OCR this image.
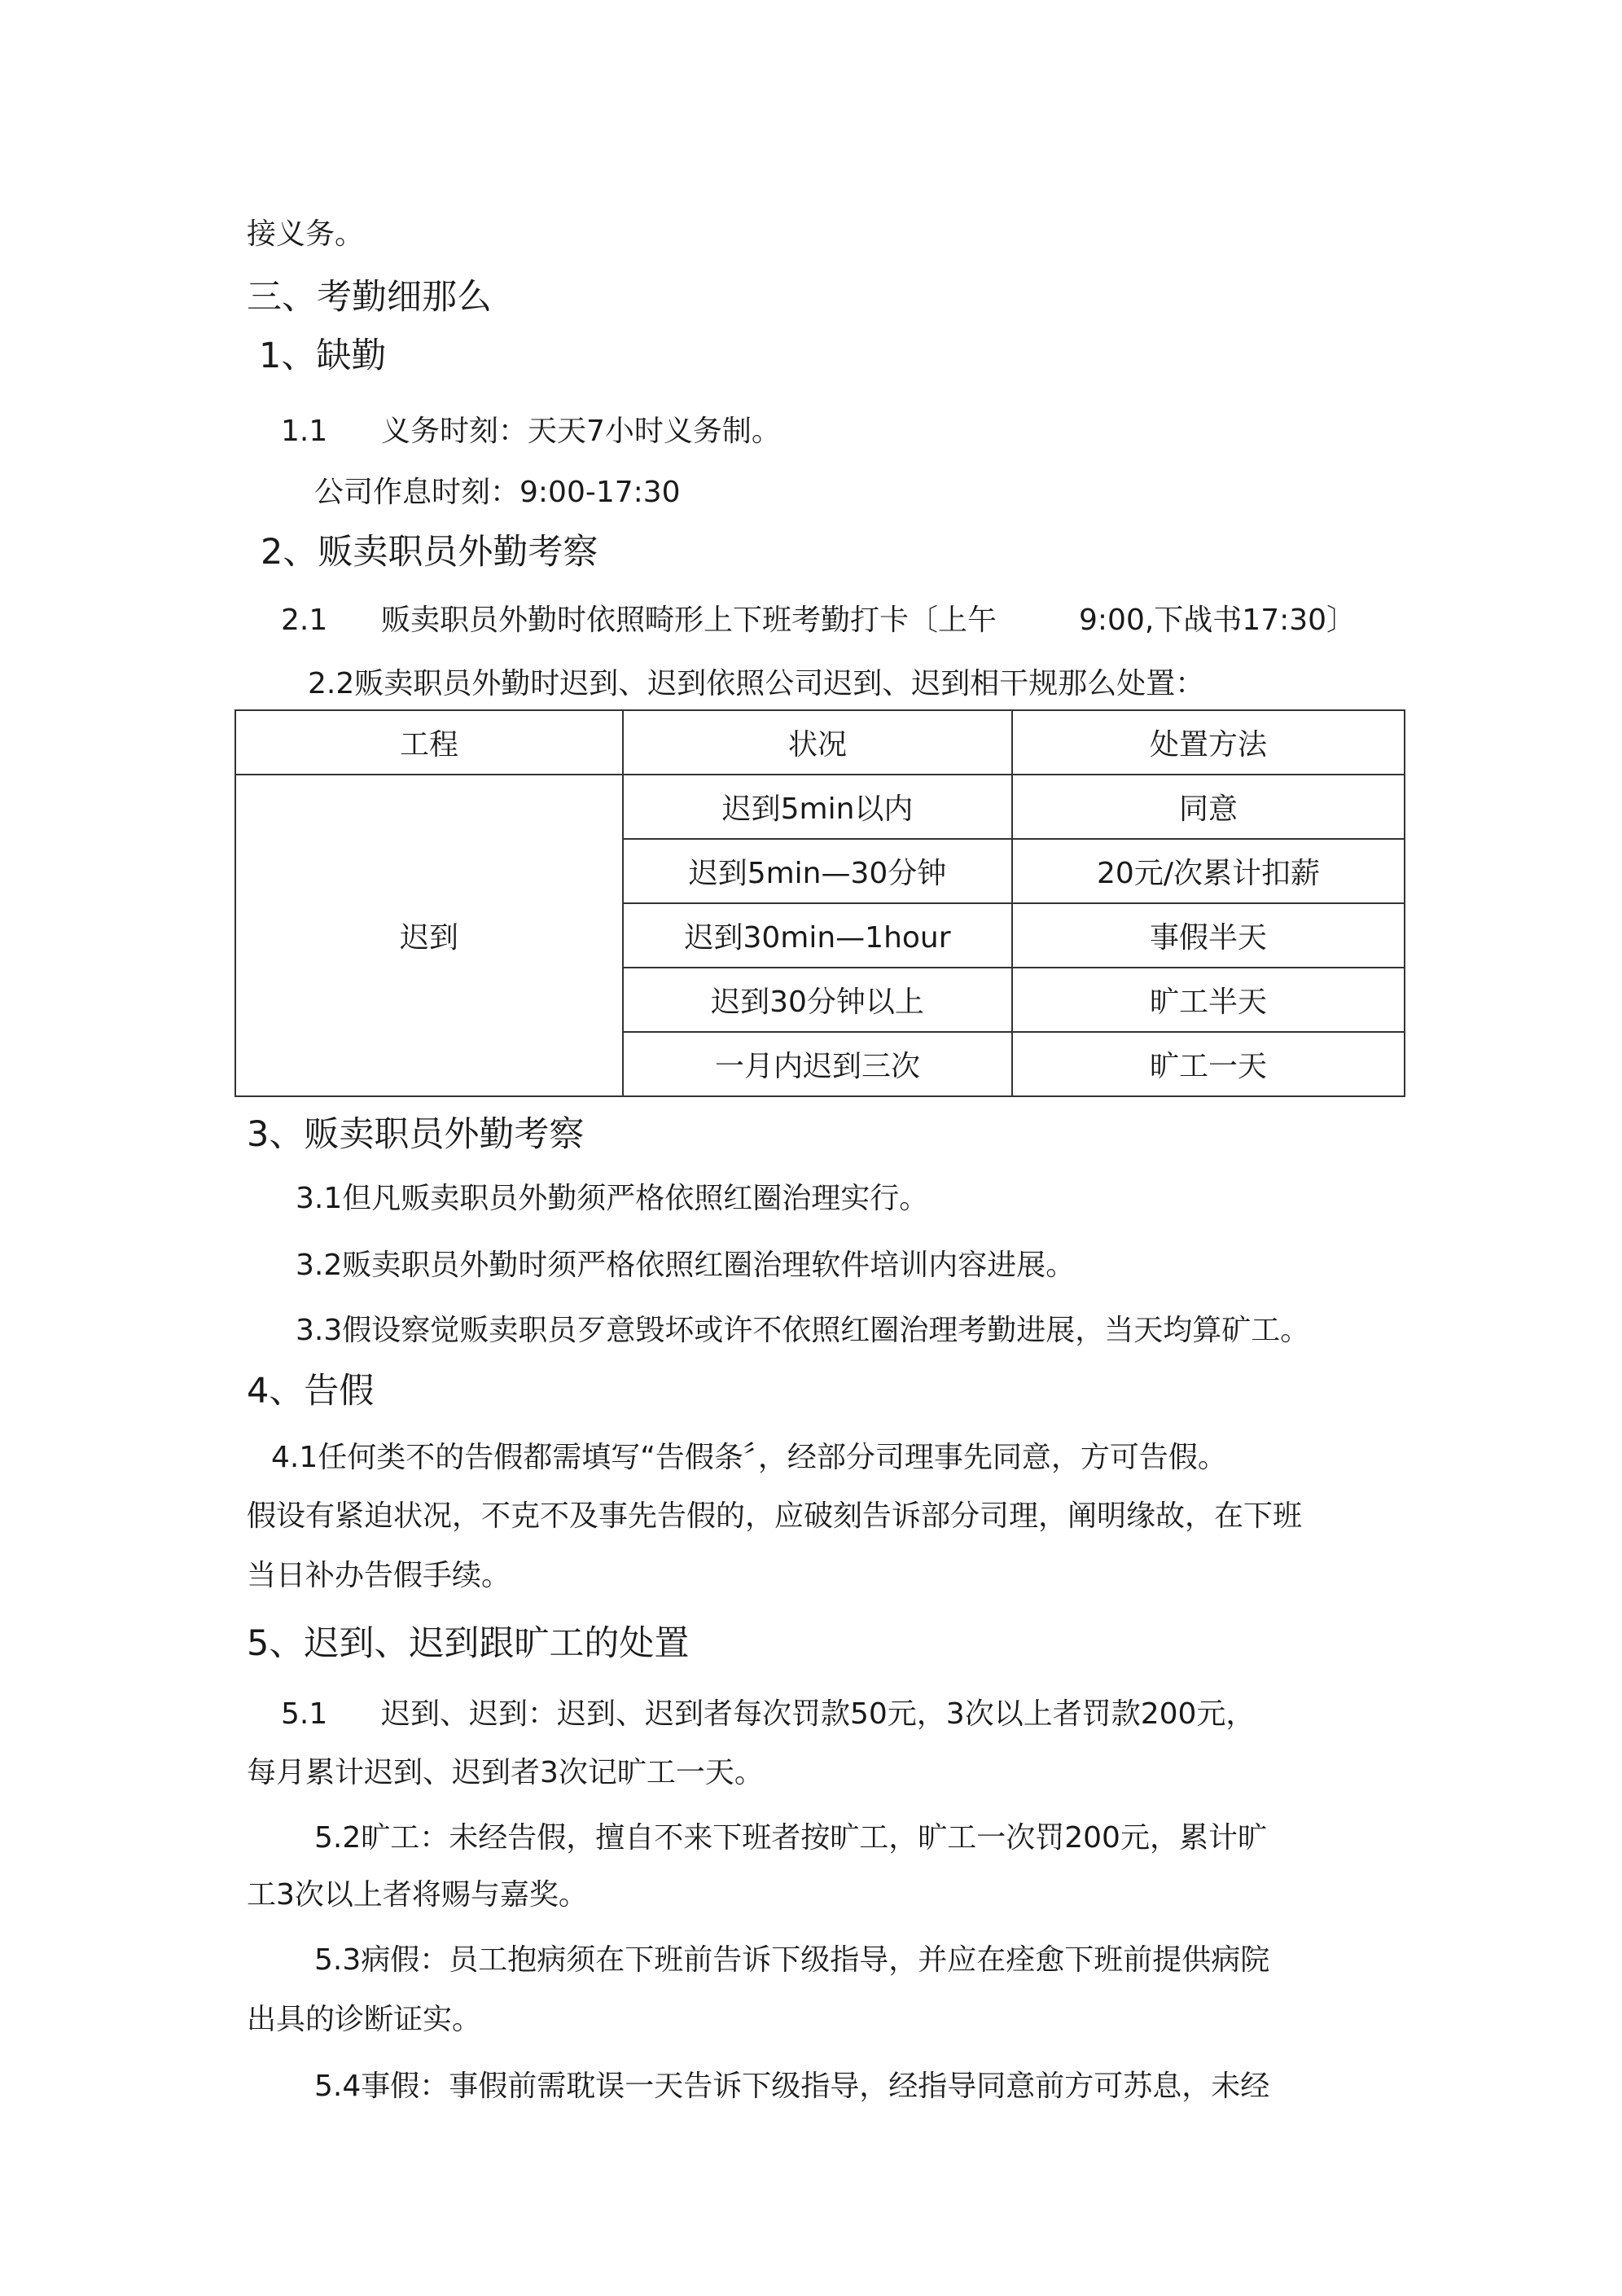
接义务。
三、考勤细那么
1、缺勤
1.1 义务时刻：天天7小时义务制。
公司作息时刻：9:00-17:30
2、贩卖职员外勤考察
2.1 贩卖职员外勤时依照畸形上下班考勤打卡〔上午	9:00,下战书17:30〕
2.2贩卖职员外勤时迟到、迟到依照公司迟到、迟到相干规那么处置：
工程	状况	处置方法
迟到	迟到5min以内	同意
	迟到5min—30分钟	20元/次累计扣薪
	迟到30min—1hour	事假半天
	迟到30分钟以上	旷工半天
	一月内迟到三次	旷工一天
3、贩卖职员外勤考察
3.1但凡贩卖职员外勤须严格依照红圈治理实行。
3.2贩卖职员外勤时须严格依照红圈治理软件培训内容进展。
3.3假设察觉贩卖职员歹意毁坏或许不依照红圈治理考勤进展，当天均算矿工。
4、告假
4.1任何类不的告假都需填写“告假条〞，经部分司理事先同意，方可告假。
假设有紧迫状况，不克不及事先告假的，应破刻告诉部分司理，阐明缘故，在下班
当日补办告假手续。
5、迟到、迟到跟旷工的处置
5.1 迟到、迟到：迟到、迟到者每次罚款50元，3次以上者罚款200元，
每月累计迟到、迟到者3次记旷工一天。
5.2旷工：未经告假，擅自不来下班者按旷工，旷工一次罚200元，累计旷
工3次以上者将赐与嘉奖。
5.3病假：员工抱病须在下班前告诉下级指导，并应在痊愈下班前提供病院
出具的诊断证实。
5.4事假：事假前需耽误一天告诉下级指导，经指导同意前方可苏息，未经
